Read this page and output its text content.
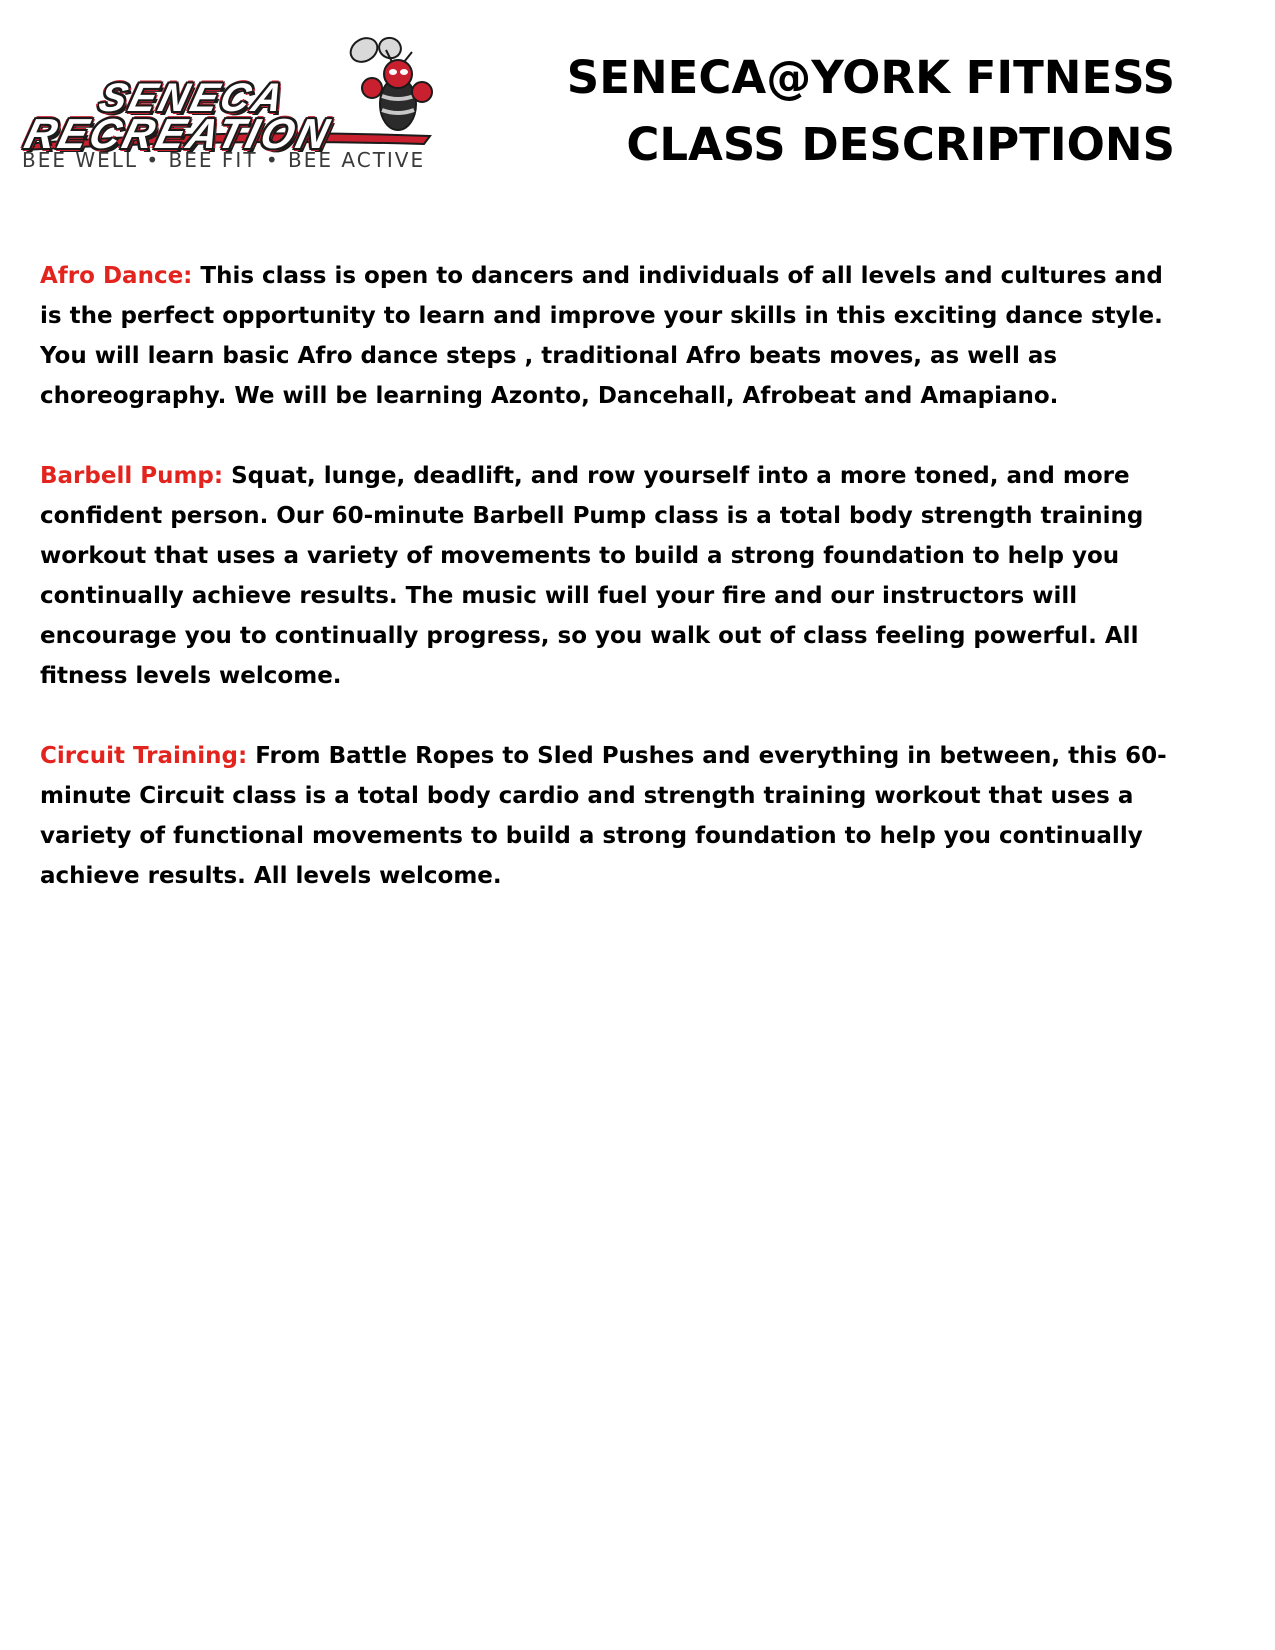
SENECA
RECREATION
BEE WELL • BEE FIT • BEE ACTIVE
SENECA@YORK FITNESS
CLASS DESCRIPTIONS

Afro Dance: This class is open to dancers and individuals of all levels and cultures and is the perfect opportunity to learn and improve your skills in this exciting dance style. You will learn basic Afro dance steps , traditional Afro beats moves, as well as choreography. We will be learning Azonto, Dancehall, Afrobeat and Amapiano.

Barbell Pump: Squat, lunge, deadlift, and row yourself into a more toned, and more confident person. Our 60-minute Barbell Pump class is a total body strength training workout that uses a variety of movements to build a strong foundation to help you continually achieve results. The music will fuel your fire and our instructors will encourage you to continually progress, so you walk out of class feeling powerful. All fitness levels welcome.

Circuit Training: From Battle Ropes to Sled Pushes and everything in between, this 60-minute Circuit class is a total body cardio and strength training workout that uses a variety of functional movements to build a strong foundation to help you continually achieve results. All levels welcome.
